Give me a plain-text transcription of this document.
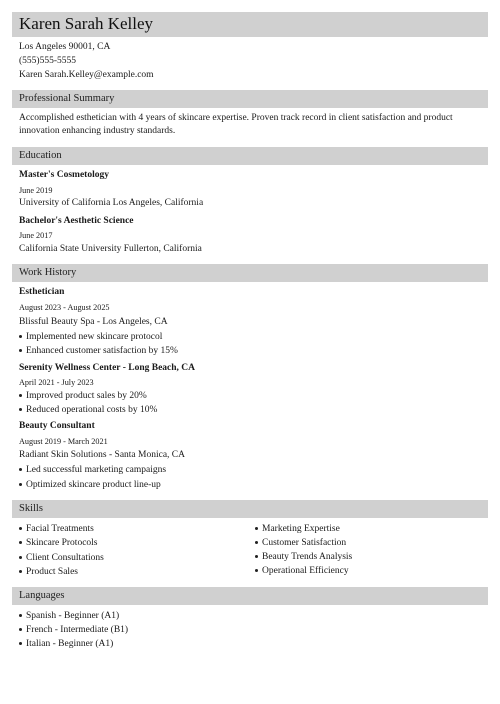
Karen Sarah Kelley
Los Angeles 90001, CA
(555)555-5555
Karen Sarah.Kelley@example.com
Professional Summary
Accomplished esthetician with 4 years of skincare expertise. Proven track record in client satisfaction and product innovation enhancing industry standards.
Education
Master's Cosmetology
June 2019
University of California Los Angeles, California
Bachelor's Aesthetic Science
June 2017
California State University Fullerton, California
Work History
Esthetician
August 2023 - August 2025
Blissful Beauty Spa - Los Angeles, CA
Implemented new skincare protocol
Enhanced customer satisfaction by 15%
Serenity Wellness Center - Long Beach, CA
April 2021 - July 2023
Improved product sales by 20%
Reduced operational costs by 10%
Beauty Consultant
August 2019 - March 2021
Radiant Skin Solutions - Santa Monica, CA
Led successful marketing campaigns
Optimized skincare product line-up
Skills
Facial Treatments
Skincare Protocols
Client Consultations
Product Sales
Marketing Expertise
Customer Satisfaction
Beauty Trends Analysis
Operational Efficiency
Languages
Spanish - Beginner (A1)
French - Intermediate (B1)
Italian - Beginner (A1)
